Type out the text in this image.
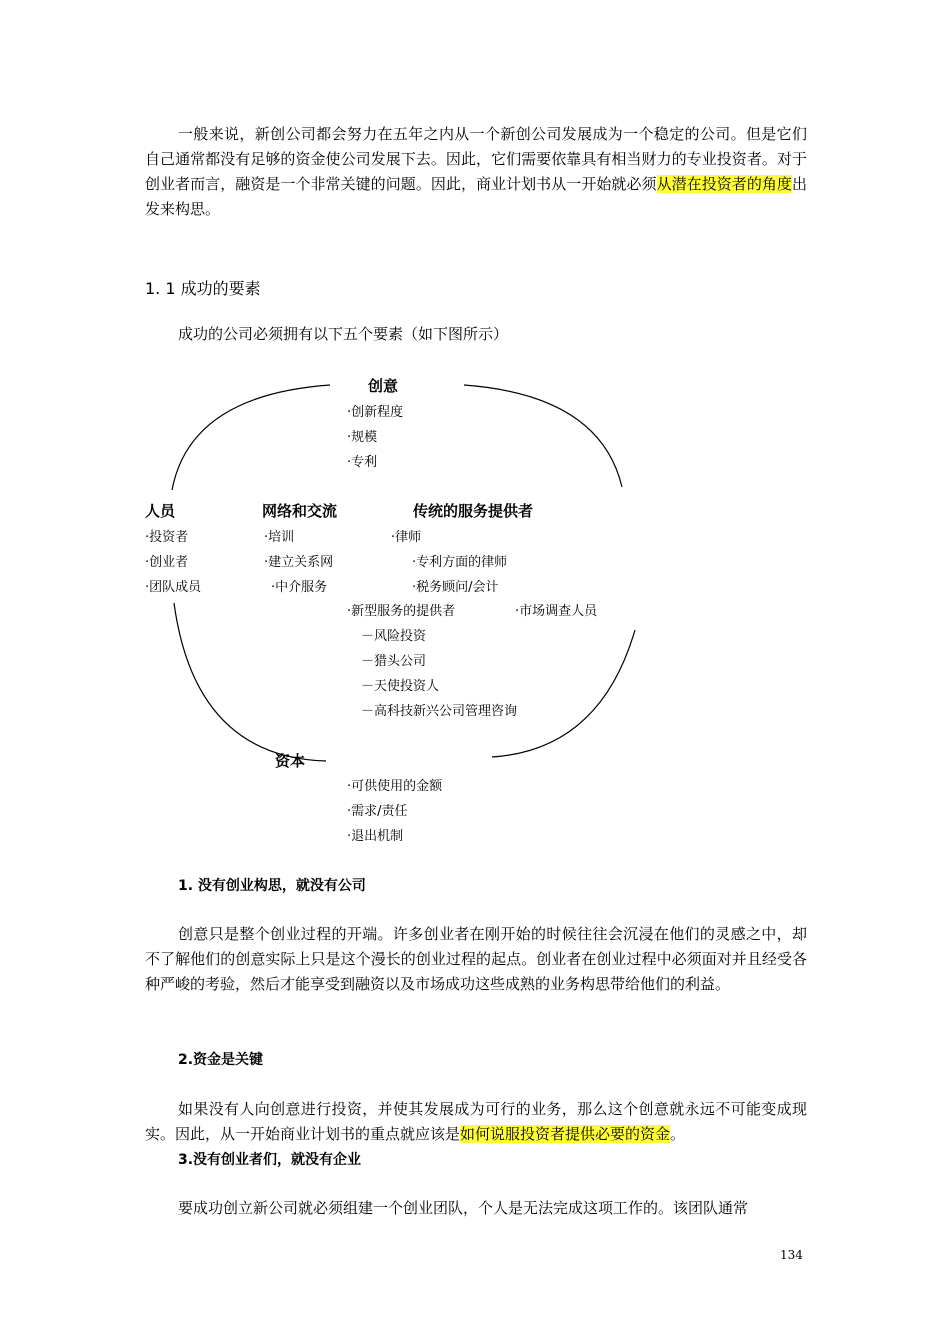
一般来说，新创公司都会努力在五年之内从一个新创公司发展成为一个稳定的公司。但是它们自己通常都没有足够的资金使公司发展下去。因此，它们需要依靠具有相当财力的专业投资者。对于创业者而言，融资是一个非常关键的问题。因此，商业计划书从一开始就必须从潜在投资者的角度出发来构思。

1. 1 成功的要素

成功的公司必须拥有以下五个要素（如下图所示）

创意
·创新程度
·规模
·专利
人员
·投资者
·创业者
·团队成员
网络和交流
·培训
·建立关系网
·中介服务
传统的服务提供者
·律师
·专利方面的律师
·税务顾问/会计
·市场调查人员
·新型服务的提供者
－风险投资
－猎头公司
－天使投资人
－高科技新兴公司管理咨询
资本
·可供使用的金额
·需求/责任
·退出机制
1. 没有创业构思，就没有公司

创意只是整个创业过程的开端。许多创业者在刚开始的时候往往会沉浸在他们的灵感之中，却不了解他们的创意实际上只是这个漫长的创业过程的起点。创业者在创业过程中必须面对并且经受各种严峻的考验，然后才能享受到融资以及市场成功这些成熟的业务构思带给他们的利益。

2.资金是关键

如果没有人向创意进行投资，并使其发展成为可行的业务，那么这个创意就永远不可能变成现实。因此，从一开始商业计划书的重点就应该是如何说服投资者提供必要的资金。

3.没有创业者们，就没有企业

要成功创立新公司就必须组建一个创业团队，个人是无法完成这项工作的。该团队通常

134
